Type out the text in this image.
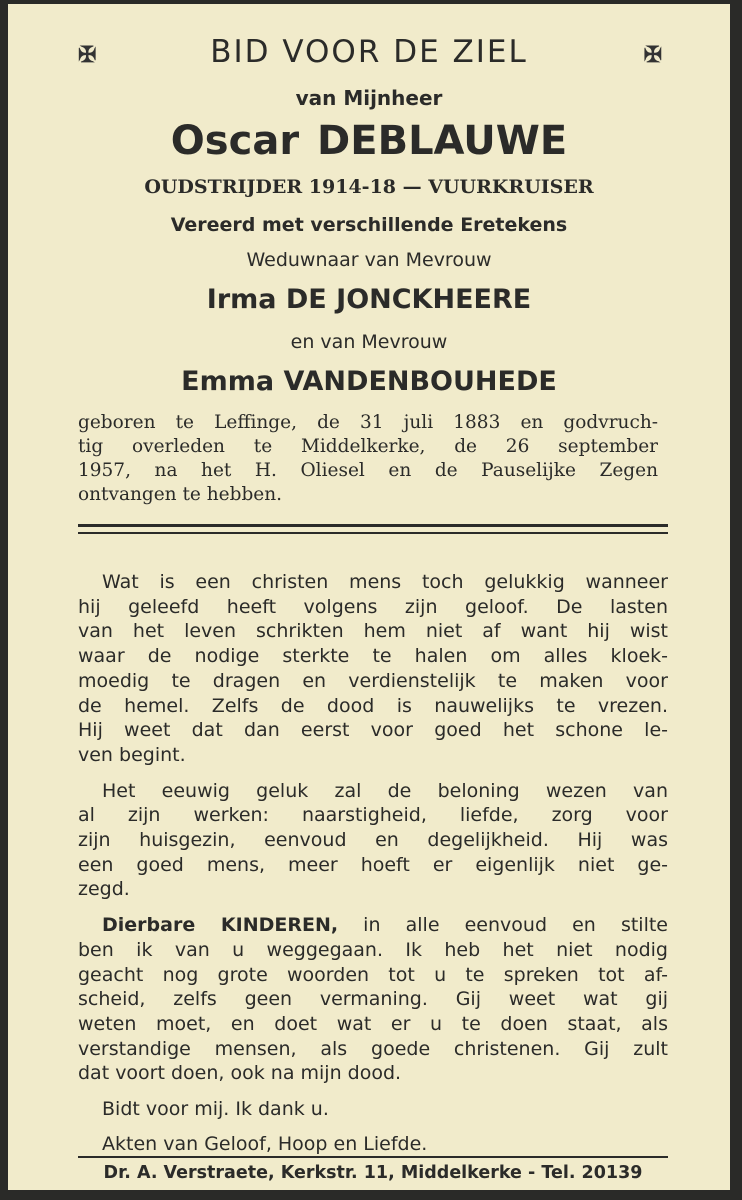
✠	✠
BID VOOR DE ZIEL
van Mijnheer
Oscar DEBLAUWE
OUDSTRIJDER 1914-18 — VUURKRUISER
Vereerd met verschillende Eretekens
Weduwnaar van Mevrouw
Irma DE JONCKHEERE
en van Mevrouw
Emma VANDENBOUHEDE
geboren te Leffinge, de 31 juli 1883 en godvruch-
tig overleden te Middelkerke, de 26 september
1957, na het H. Oliesel en de Pauselijke Zegen
ontvangen te hebben.
Wat is een christen mens toch gelukkig wanneer
hij geleefd heeft volgens zijn geloof. De lasten
van het leven schrikten hem niet af want hij wist
waar de nodige sterkte te halen om alles kloek-
moedig te dragen en verdienstelijk te maken voor
de hemel. Zelfs de dood is nauwelijks te vrezen.
Hij weet dat dan eerst voor goed het schone le-
ven begint.
Het eeuwig geluk zal de beloning wezen van
al zijn werken: naarstigheid, liefde, zorg voor
zijn huisgezin, eenvoud en degelijkheid. Hij was
een goed mens, meer hoeft er eigenlijk niet ge-
zegd.
Dierbare KINDEREN, in alle eenvoud en stilte
ben ik van u weggegaan. Ik heb het niet nodig
geacht nog grote woorden tot u te spreken tot af-
scheid, zelfs geen vermaning. Gij weet wat gij
weten moet, en doet wat er u te doen staat, als
verstandige mensen, als goede christenen. Gij zult
dat voort doen, ook na mijn dood.
Bidt voor mij. Ik dank u.
Akten van Geloof, Hoop en Liefde.
Dr. A. Verstraete, Kerkstr. 11, Middelkerke - Tel. 20139
